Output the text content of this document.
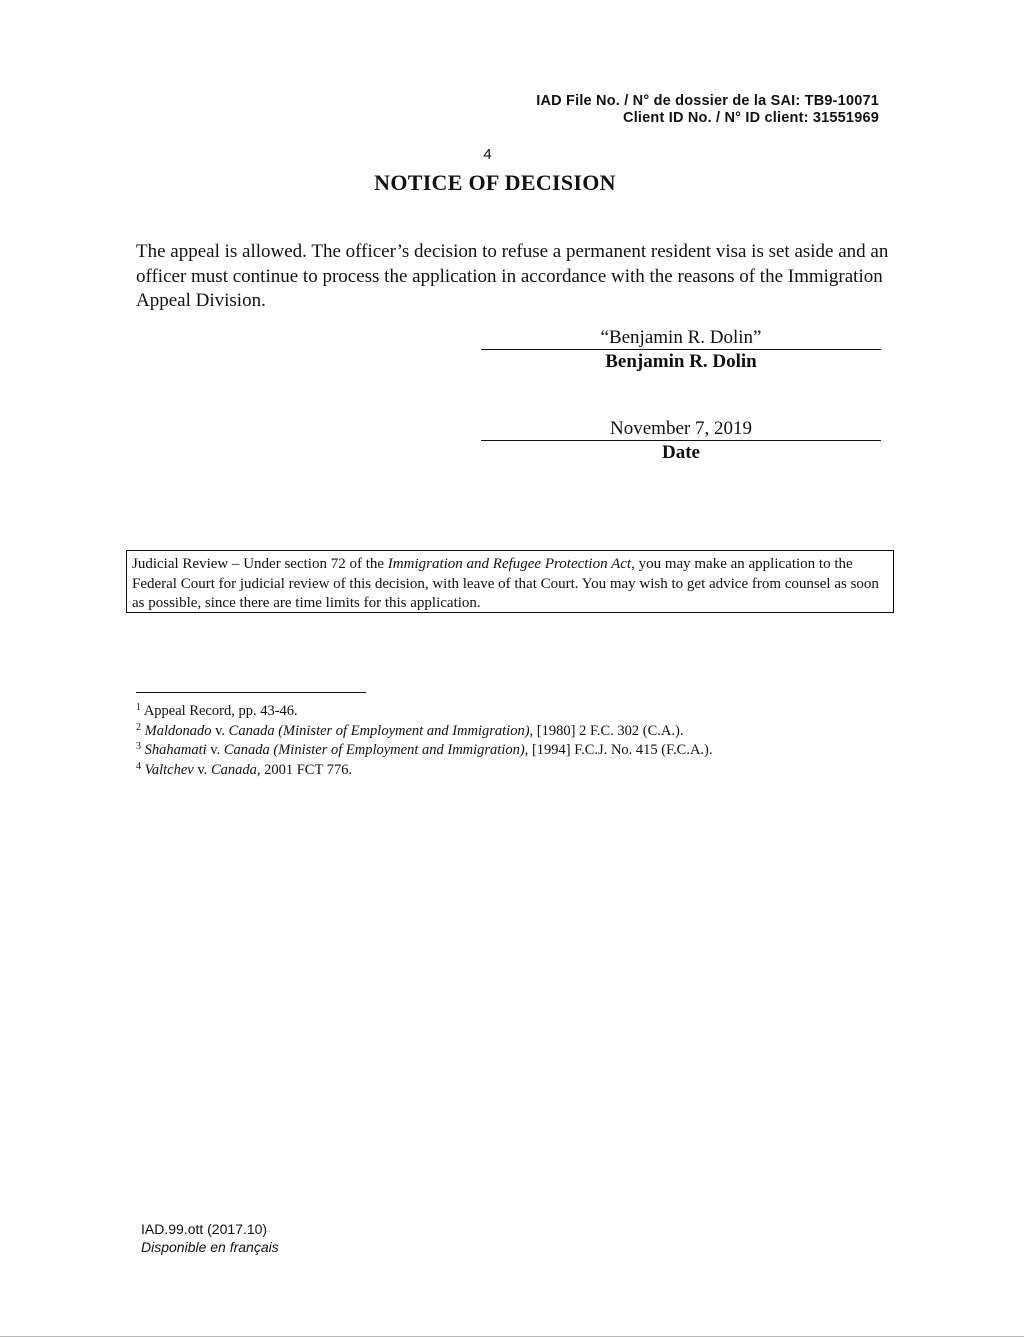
IAD File No. / N° de dossier de la SAI: TB9-10071
Client ID No. / N° ID client: 31551969
4
NOTICE OF DECISION
The appeal is allowed. The officer’s decision to refuse a permanent resident visa is set aside and an officer must continue to process the application in accordance with the reasons of the Immigration Appeal Division.
“Benjamin R. Dolin”
Benjamin R. Dolin
November 7, 2019
Date
Judicial Review – Under section 72 of the Immigration and Refugee Protection Act, you may make an application to the Federal Court for judicial review of this decision, with leave of that Court. You may wish to get advice from counsel as soon as possible, since there are time limits for this application.
$^1$ Appeal Record, pp. 43-46.
$^2$ Maldonado v. Canada (Minister of Employment and Immigration), [1980] 2 F.C. 302 (C.A.).
$^3$ Shahamati v. Canada (Minister of Employment and Immigration), [1994] F.C.J. No. 415 (F.C.A.).
$^4$ Valtchev v. Canada, 2001 FCT 776.
IAD.99.ott (2017.10)
Disponible en français
